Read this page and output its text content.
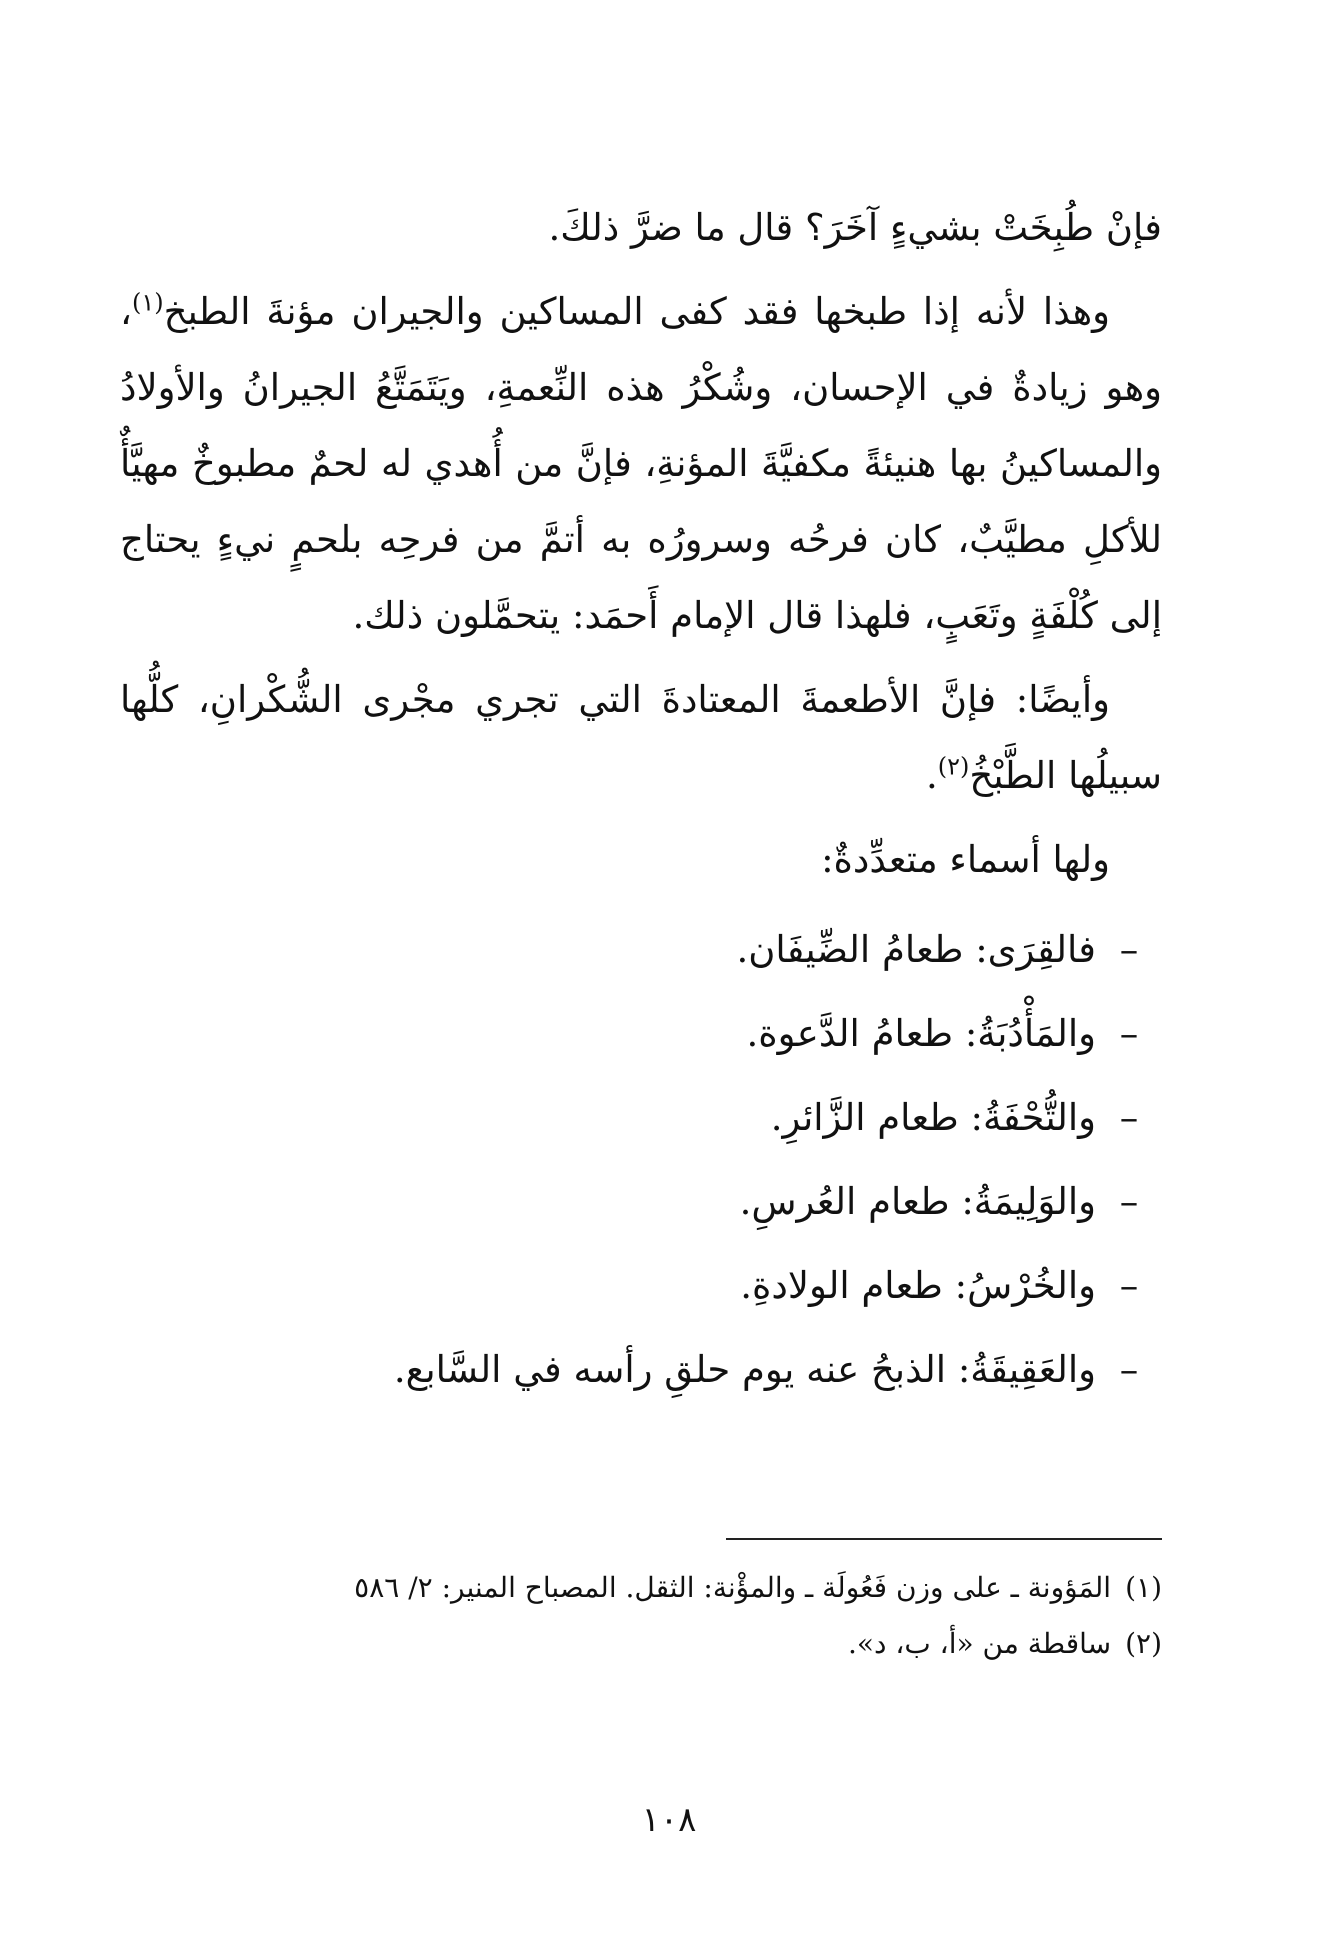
فإنْ طُبِخَتْ بشيءٍ آخَرَ؟ قال ما ضرَّ ذلكَ.

وهذا لأنه إذا طبخها فقد كفى المساكين والجيران مؤنةَ الطبخ$^{(١)}$، وهو زيادةٌ في الإحسان، وشُكْرُ هذه النِّعمةِ، ويَتَمَتَّعُ الجيرانُ والأولادُ والمساكينُ بها هنيئةً مكفيَّةَ المؤنةِ، فإنَّ من أُهدي له لحمٌ مطبوخٌ مهيَّأٌ للأكلِ مطيَّبٌ، كان فرحُه وسرورُه به أتمَّ من فرحِه بلحمٍ نيءٍ يحتاج إلى كُلْفَةٍ وتَعَبٍ، فلهذا قال الإمام أَحمَد: يتحمَّلون ذلك.

وأيضًا: فإنَّ الأطعمةَ المعتادةَ التي تجري مجْرى الشُّكْرانِ، كلُّها سبيلُها الطَّبْخُ$^{(٢)}$.

ولها أسماء متعدِّدةٌ:

–
فالقِرَى: طعامُ الضِّيفَان.
–
والمَأْدُبَةُ: طعامُ الدَّعوة.
–
والتُّحْفَةُ: طعام الزَّائرِ.
–
والوَلِيمَةُ: طعام العُرسِ.
–
والخُرْسُ: طعام الولادةِ.
–
والعَقِيقَةُ: الذبحُ عنه يوم حلقِ رأسه في السَّابع.

(١)
المَؤونة ـ على وزن فَعُولَة ـ والمؤْنة: الثقل. المصباح المنير: ٢/ ٥٨٦

(٢)
ساقطة من «أ، ب، د».

١٠٨
